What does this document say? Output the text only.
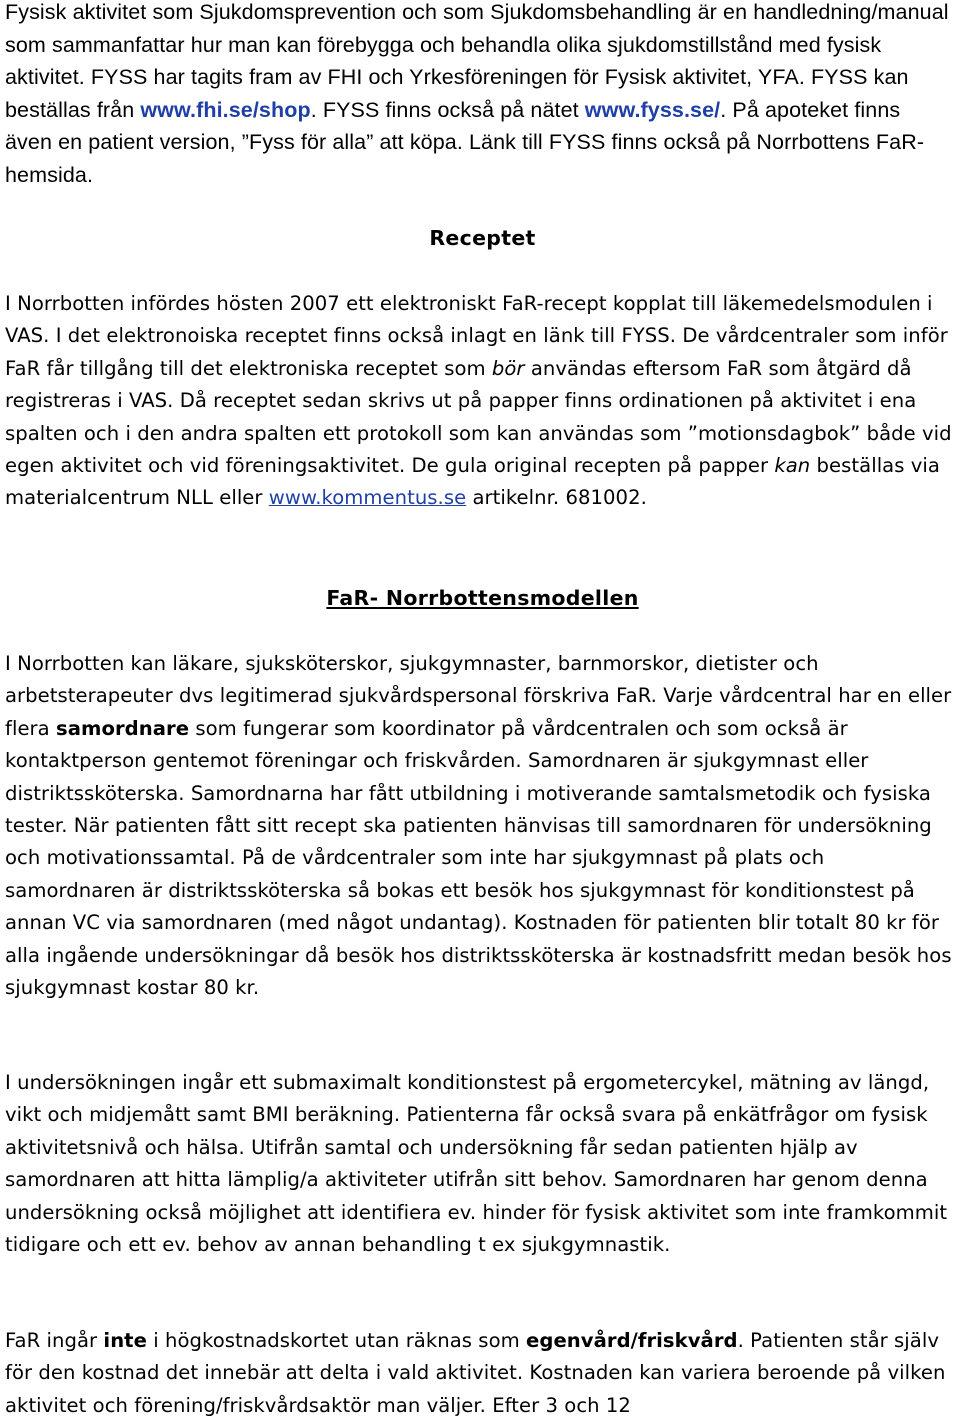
Fysisk aktivitet som Sjukdomsprevention och som Sjukdomsbehandling är en handledning/manual som sammanfattar hur man kan förebygga och behandla olika sjukdomstillstånd med fysisk aktivitet. FYSS har tagits fram av FHI och Yrkesföreningen för Fysisk aktivitet, YFA. FYSS kan beställas från www.fhi.se/shop. FYSS finns också på nätet www.fyss.se/. På apoteket finns även en patient version, ”Fyss för alla” att köpa. Länk till FYSS finns också på Norrbottens FaR- hemsida.

Receptet

I Norrbotten infördes hösten 2007 ett elektroniskt FaR-recept kopplat till läkemedelsmodulen i VAS. I det elektronoiska receptet finns också inlagt en länk till FYSS. De vårdcentraler som inför FaR får tillgång till det elektroniska receptet som bör användas eftersom FaR som åtgärd då registreras i VAS. Då receptet sedan skrivs ut på papper finns ordinationen på aktivitet i ena spalten och i den andra spalten ett protokoll som kan användas som ”motionsdagbok” både vid egen aktivitet och vid föreningsaktivitet. De gula original recepten på papper kan beställas via materialcentrum NLL eller www.kommentus.se artikelnr. 681002.

FaR- Norrbottensmodellen

I Norrbotten kan läkare, sjuksköterskor, sjukgymnaster, barnmorskor, dietister och arbetsterapeuter dvs legitimerad sjukvårdspersonal förskriva FaR. Varje vårdcentral har en eller flera samordnare som fungerar som koordinator på vårdcentralen och som också är kontaktperson gentemot föreningar och friskvården. Samordnaren är sjukgymnast eller distriktssköterska. Samordnarna har fått utbildning i motiverande samtalsmetodik och fysiska tester. När patienten fått sitt recept ska patienten hänvisas till samordnaren för undersökning och motivationssamtal. På de vårdcentraler som inte har sjukgymnast på plats och samordnaren är distriktssköterska så bokas ett besök hos sjukgymnast för konditionstest på annan VC via samordnaren (med något undantag). Kostnaden för patienten blir totalt 80 kr för alla ingående undersökningar då besök hos distriktssköterska är kostnadsfritt medan besök hos sjukgymnast kostar 80 kr.

I undersökningen ingår ett submaximalt konditionstest på ergometercykel, mätning av längd, vikt och midjemått samt BMI beräkning. Patienterna får också svara på enkätfrågor om fysisk aktivitetsnivå och hälsa. Utifrån samtal och undersökning får sedan patienten hjälp av samordnaren att hitta lämplig/a aktiviteter utifrån sitt behov. Samordnaren har genom denna undersökning också möjlighet att identifiera ev. hinder för fysisk aktivitet som inte framkommit tidigare och ett ev. behov av annan behandling t ex sjukgymnastik.

FaR ingår inte i högkostnadskortet utan räknas som egenvård/friskvård. Patienten står själv för den kostnad det innebär att delta i vald aktivitet. Kostnaden kan variera beroende på vilken aktivitet och förening/friskvårdsaktör man väljer. Efter 3 och 12
